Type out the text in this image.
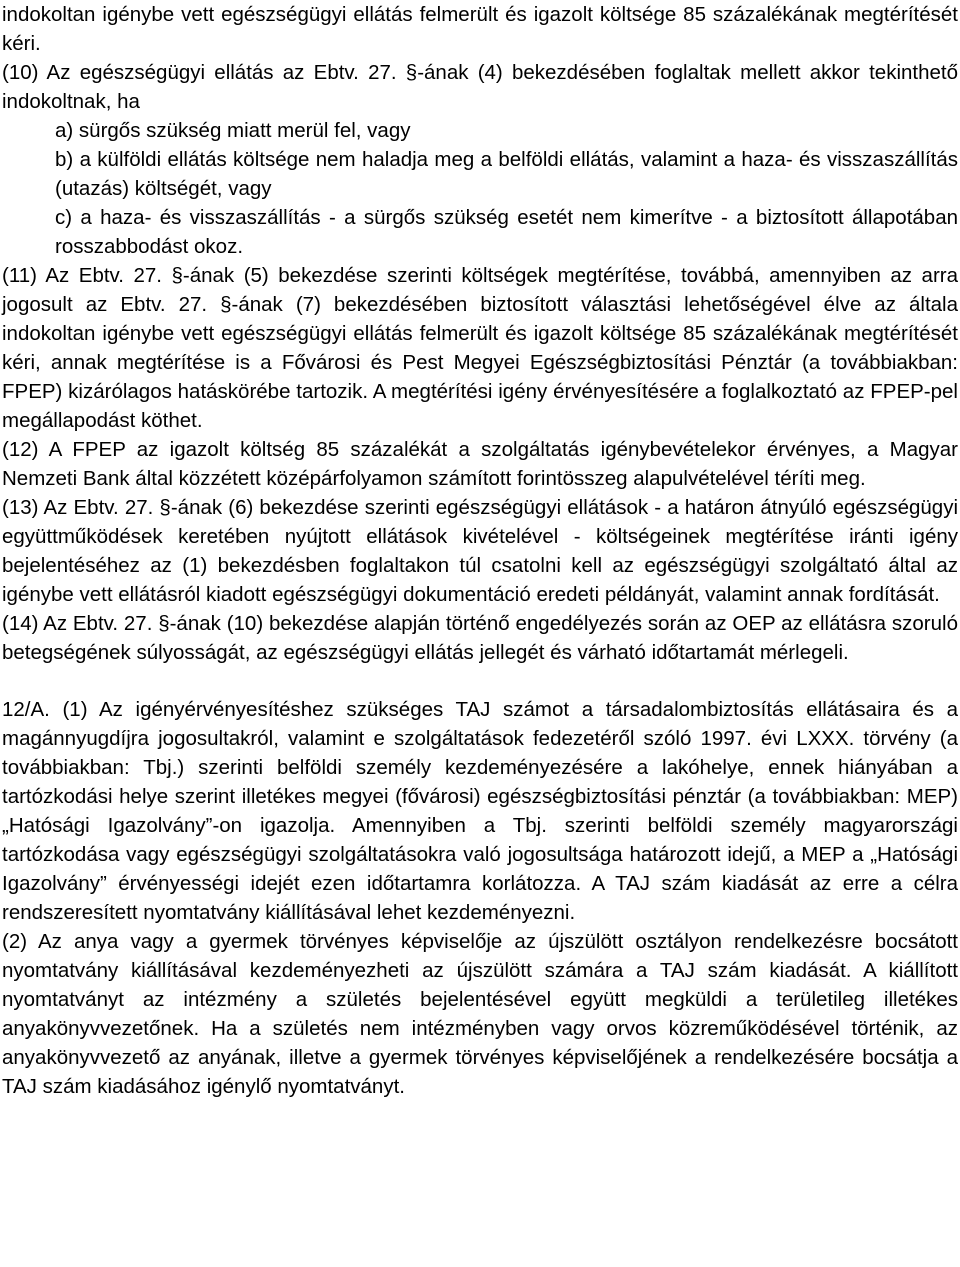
indokoltan igénybe vett egészségügyi ellátás felmerült és igazolt költsége 85 százalékának megtérítését kéri.

(10) Az egészségügyi ellátás az Ebtv. 27. §-ának (4) bekezdésében foglaltak mellett akkor tekinthető indokoltnak, ha

a) sürgős szükség miatt merül fel, vagy

b) a külföldi ellátás költsége nem haladja meg a belföldi ellátás, valamint a haza- és visszaszállítás (utazás) költségét, vagy

c) a haza- és visszaszállítás - a sürgős szükség esetét nem kimerítve - a biztosított állapotában rosszabbodást okoz.

(11) Az Ebtv. 27. §-ának (5) bekezdése szerinti költségek megtérítése, továbbá, amennyiben az arra jogosult az Ebtv. 27. §-ának (7) bekezdésében biztosított választási lehetőségével élve az általa indokoltan igénybe vett egészségügyi ellátás felmerült és igazolt költsége 85 százalékának megtérítését kéri, annak megtérítése is a Fővárosi és Pest Megyei Egészségbiztosítási Pénztár (a továbbiakban: FPEP) kizárólagos hatáskörébe tartozik. A megtérítési igény érvényesítésére a foglalkoztató az FPEP-pel megállapodást köthet.

(12) A FPEP az igazolt költség 85 százalékát a szolgáltatás igénybevételekor érvényes, a Magyar Nemzeti Bank által közzétett középárfolyamon számított forintösszeg alapulvételével téríti meg.

(13) Az Ebtv. 27. §-ának (6) bekezdése szerinti egészségügyi ellátások - a határon átnyúló egészségügyi együttműködések keretében nyújtott ellátások kivételével - költségeinek megtérítése iránti igény bejelentéséhez az (1) bekezdésben foglaltakon túl csatolni kell az egészségügyi szolgáltató által az igénybe vett ellátásról kiadott egészségügyi dokumentáció eredeti példányát, valamint annak fordítását.

(14) Az Ebtv. 27. §-ának (10) bekezdése alapján történő engedélyezés során az OEP az ellátásra szoruló betegségének súlyosságát, az egészségügyi ellátás jellegét és várható időtartamát mérlegeli.

12/A. (1) Az igényérvényesítéshez szükséges TAJ számot a társadalombiztosítás ellátásaira és a magánnyugdíjra jogosultakról, valamint e szolgáltatások fedezetéről szóló 1997. évi LXXX. törvény (a továbbiakban: Tbj.) szerinti belföldi személy kezdeményezésére a lakóhelye, ennek hiányában a tartózkodási helye szerint illetékes megyei (fővárosi) egészségbiztosítási pénztár (a továbbiakban: MEP) „Hatósági Igazolvány”-on igazolja. Amennyiben a Tbj. szerinti belföldi személy magyarországi tartózkodása vagy egészségügyi szolgáltatásokra való jogosultsága határozott idejű, a MEP a „Hatósági Igazolvány” érvényességi idejét ezen időtartamra korlátozza. A TAJ szám kiadását az erre a célra rendszeresített nyomtatvány kiállításával lehet kezdeményezni.

(2) Az anya vagy a gyermek törvényes képviselője az újszülött osztályon rendelkezésre bocsátott nyomtatvány kiállításával kezdeményezheti az újszülött számára a TAJ szám kiadását. A kiállított nyomtatványt az intézmény a születés bejelentésével együtt megküldi a területileg illetékes anyakönyvvezetőnek. Ha a születés nem intézményben vagy orvos közreműködésével történik, az anyakönyvvezető az anyának, illetve a gyermek törvényes képviselőjének a rendelkezésére bocsátja a TAJ szám kiadásához igénylő nyomtatványt.
